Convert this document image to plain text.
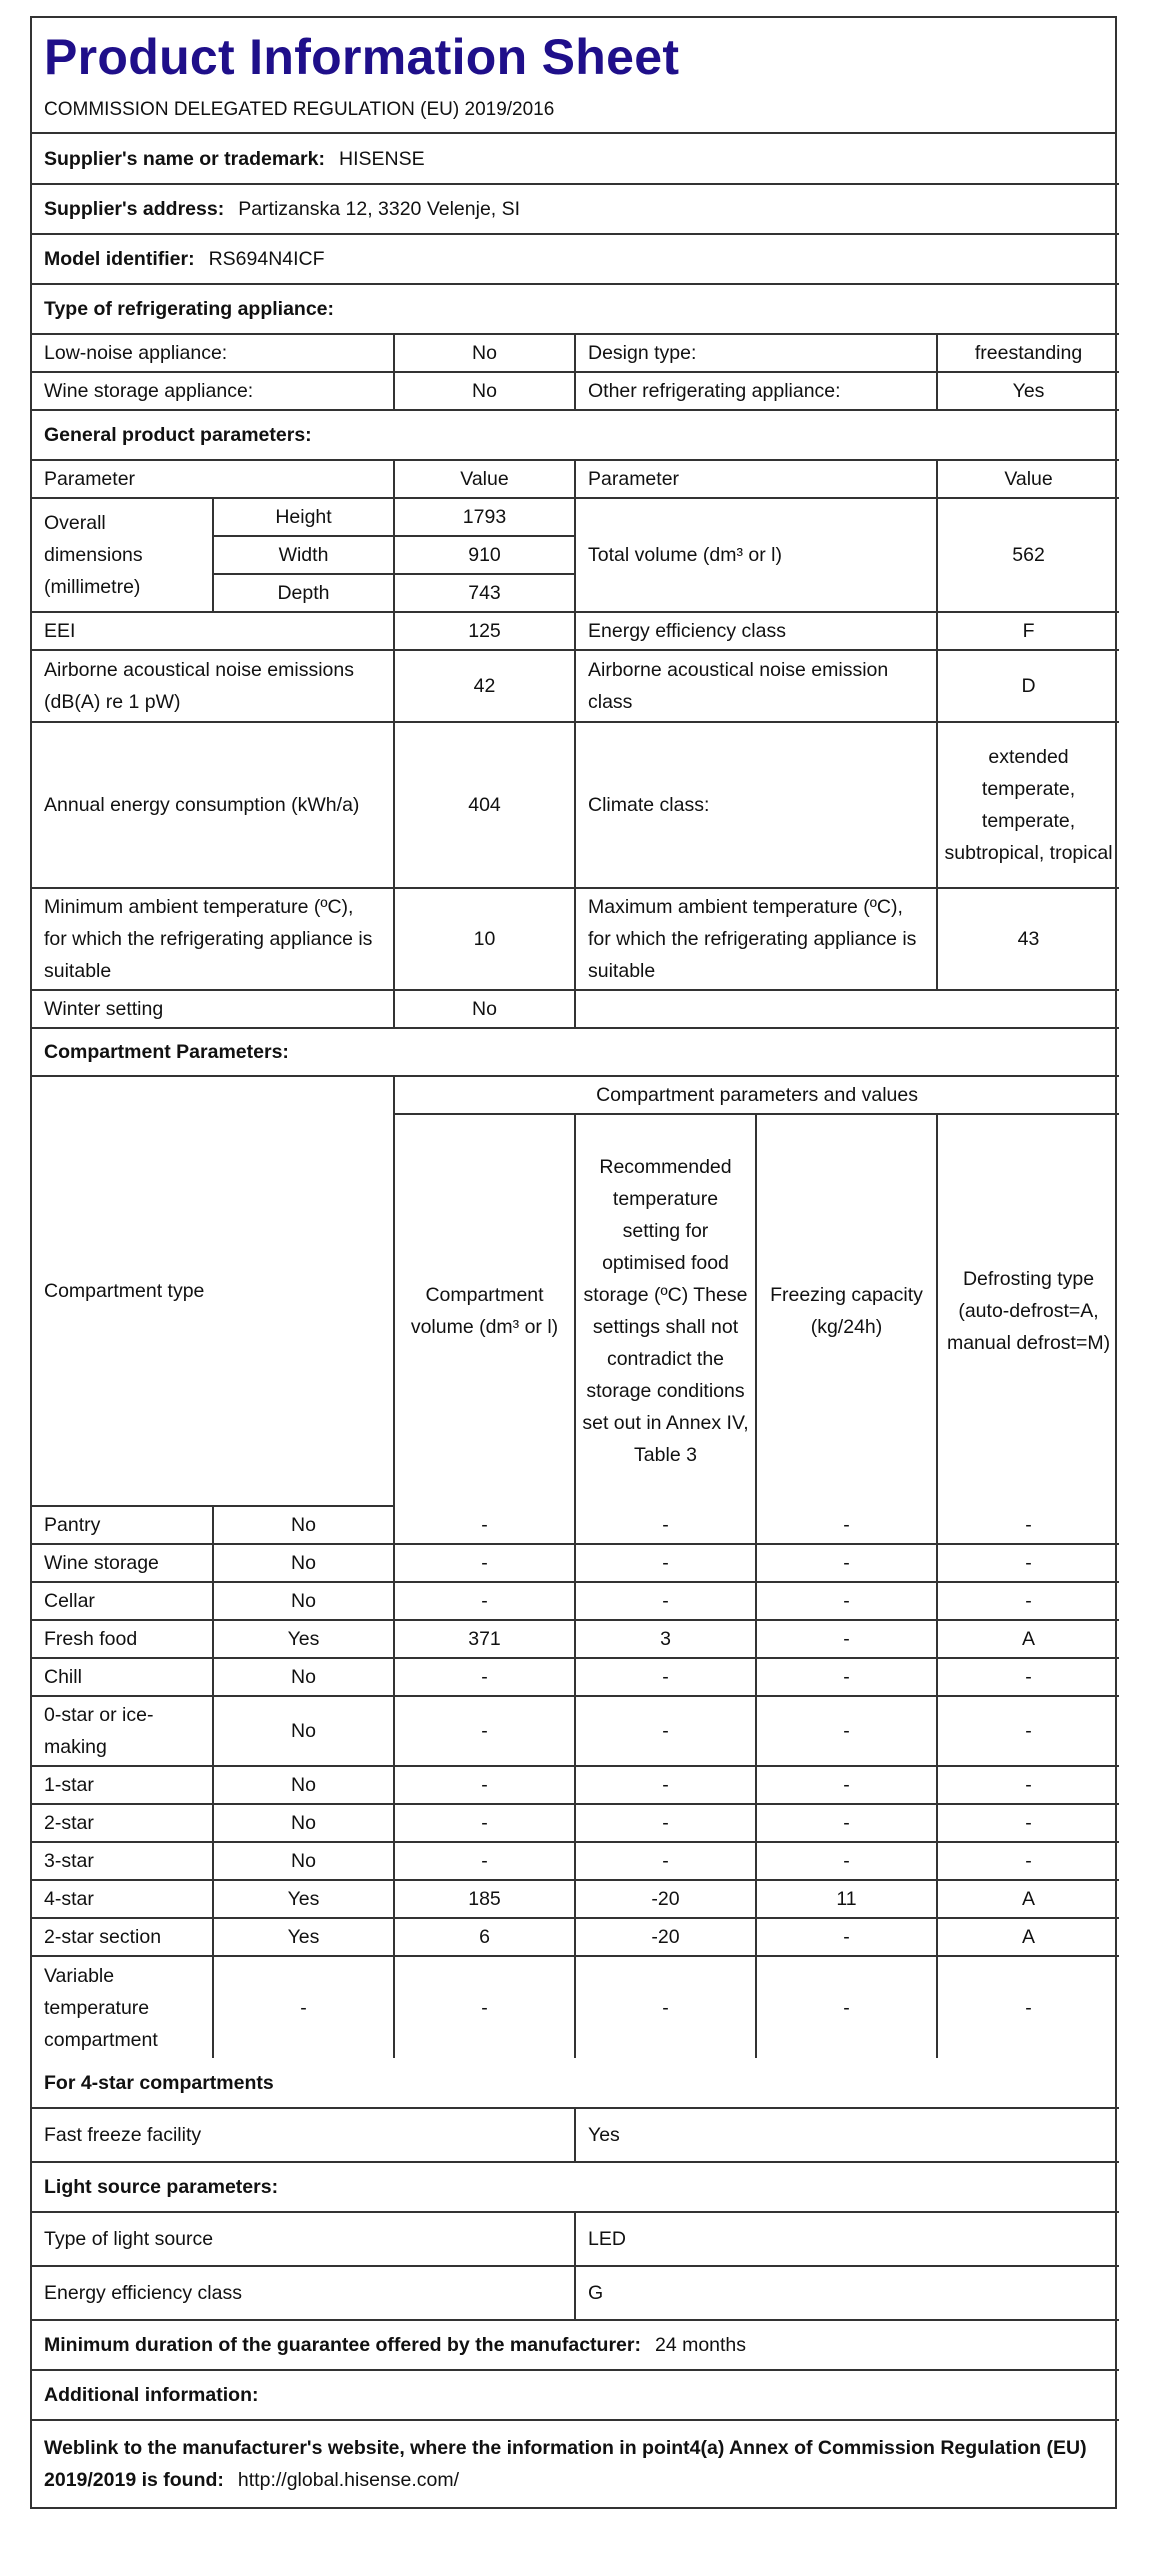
Product Information Sheet
COMMISSION DELEGATED REGULATION (EU) 2019/2016
Supplier's name or trademark: HISENSE					
Supplier's address: Partizanska 12, 3320 Velenje, SI					
Model identifier: RS694N4ICF					
Type of refrigerating appliance:					
Low-noise appliance:		No	Design type:		freestanding
Wine storage appliance:		No	Other refrigerating appliance:		Yes
General product parameters:					
Parameter		Value	Parameter		Value
Overall dimensions (millimetre)	Height	1793	Total volume (dm³ or l)		562
	Width	910			
	Depth	743			
EEI		125	Energy efficiency class		F
Airborne acoustical noise emissions (dB(A) re 1 pW)		42	Airborne acoustical noise emission class		D
Annual energy consumption (kWh/a)		404	Climate class:		extended temperate, temperate, subtropical, tropical
Minimum ambient temperature (ºC), for which the refrigerating appliance is suitable		10	Maximum ambient temperature (ºC), for which the refrigerating appliance is suitable		43
Winter setting		No			
Compartment Parameters:					
Compartment type		Compartment parameters and values			
		Compartment volume (dm³ or l)	Recommended temperature setting for optimised food storage (ºC) These settings shall not contradict the storage conditions set out in Annex IV, Table 3	Freezing capacity (kg/24h)	Defrosting type (auto-defrost=A, manual defrost=M)
Pantry	No	-	-	-	-
Wine storage	No	-	-	-	-
Cellar	No	-	-	-	-
Fresh food	Yes	371	3	-	A
Chill	No	-	-	-	-
0-star or ice-making	No	-	-	-	-
1-star	No	-	-	-	-
2-star	No	-	-	-	-
3-star	No	-	-	-	-
4-star	Yes	185	-20	11	A
2-star section	Yes	6	-20	-	A
Variable temperature compartment	-	-	-	-	-
For 4-star compartments					
Fast freeze facility			Yes		
Light source parameters:					
Type of light source			LED		
Energy efficiency class			G		
Minimum duration of the guarantee offered by the manufacturer: 24 months					
Additional information:					
Weblink to the manufacturer's website, where the information in point4(a) Annex of Commission Regulation (EU) 2019/2019 is found: http://global.hisense.com/					
